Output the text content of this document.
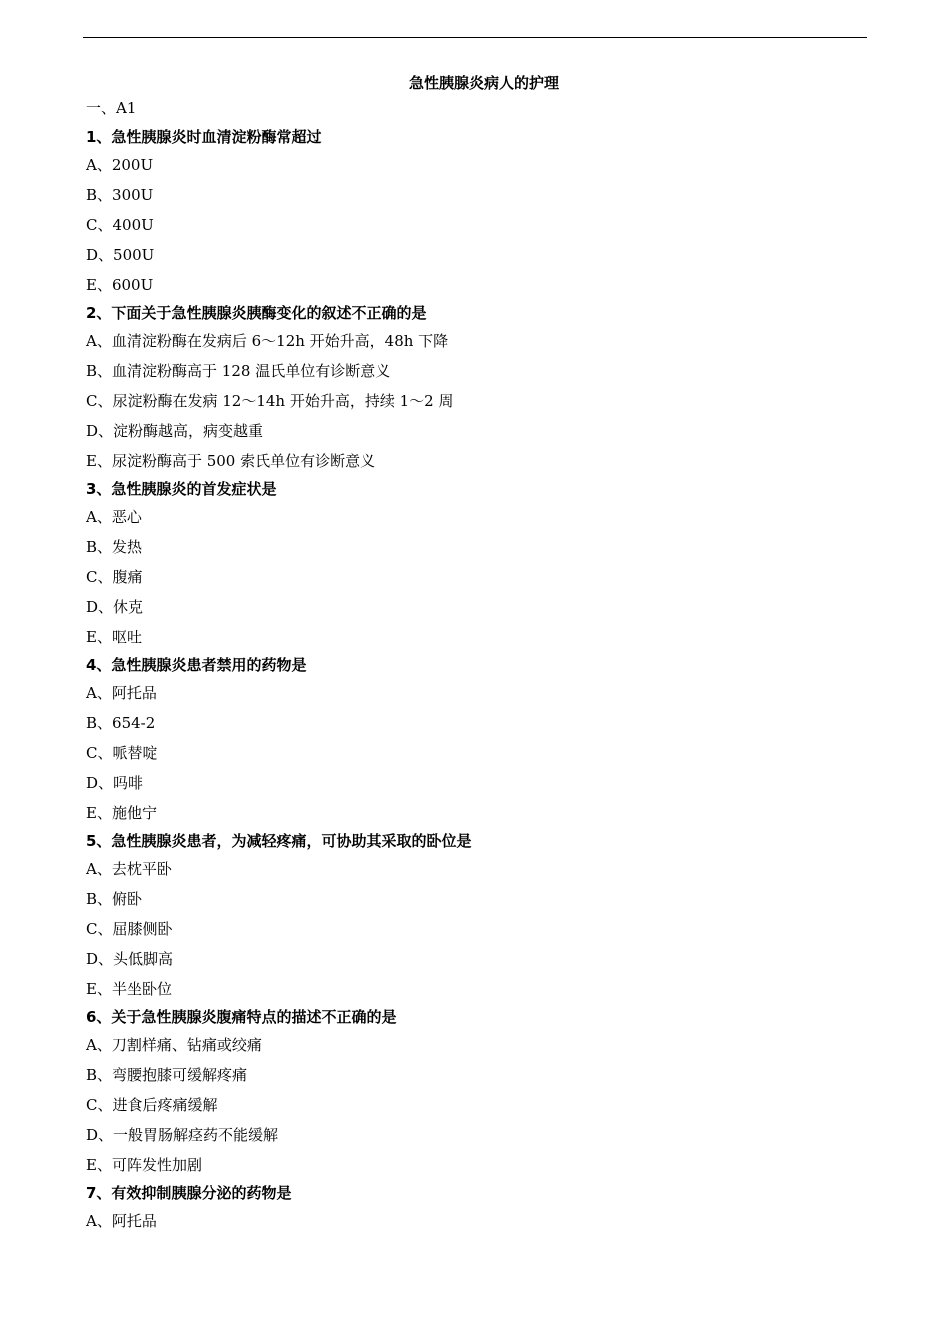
急性胰腺炎病人的护理
一、A1
1、急性胰腺炎时血清淀粉酶常超过
A、200U
B、300U
C、400U
D、500U
E、600U
2、下面关于急性胰腺炎胰酶变化的叙述不正确的是
A、血清淀粉酶在发病后 6～12h 开始升高，48h 下降
B、血清淀粉酶高于 128 温氏单位有诊断意义
C、尿淀粉酶在发病 12～14h 开始升高，持续 1～2 周
D、淀粉酶越高，病变越重
E、尿淀粉酶高于 500 索氏单位有诊断意义
3、急性胰腺炎的首发症状是
A、恶心
B、发热
C、腹痛
D、休克
E、呕吐
4、急性胰腺炎患者禁用的药物是
A、阿托品
B、654-2
C、哌替啶
D、吗啡
E、施他宁
5、急性胰腺炎患者，为减轻疼痛，可协助其采取的卧位是
A、去枕平卧
B、俯卧
C、屈膝侧卧
D、头低脚高
E、半坐卧位
6、关于急性胰腺炎腹痛特点的描述不正确的是
A、刀割样痛、钻痛或绞痛
B、弯腰抱膝可缓解疼痛
C、进食后疼痛缓解
D、一般胃肠解痉药不能缓解
E、可阵发性加剧
7、有效抑制胰腺分泌的药物是
A、阿托品
